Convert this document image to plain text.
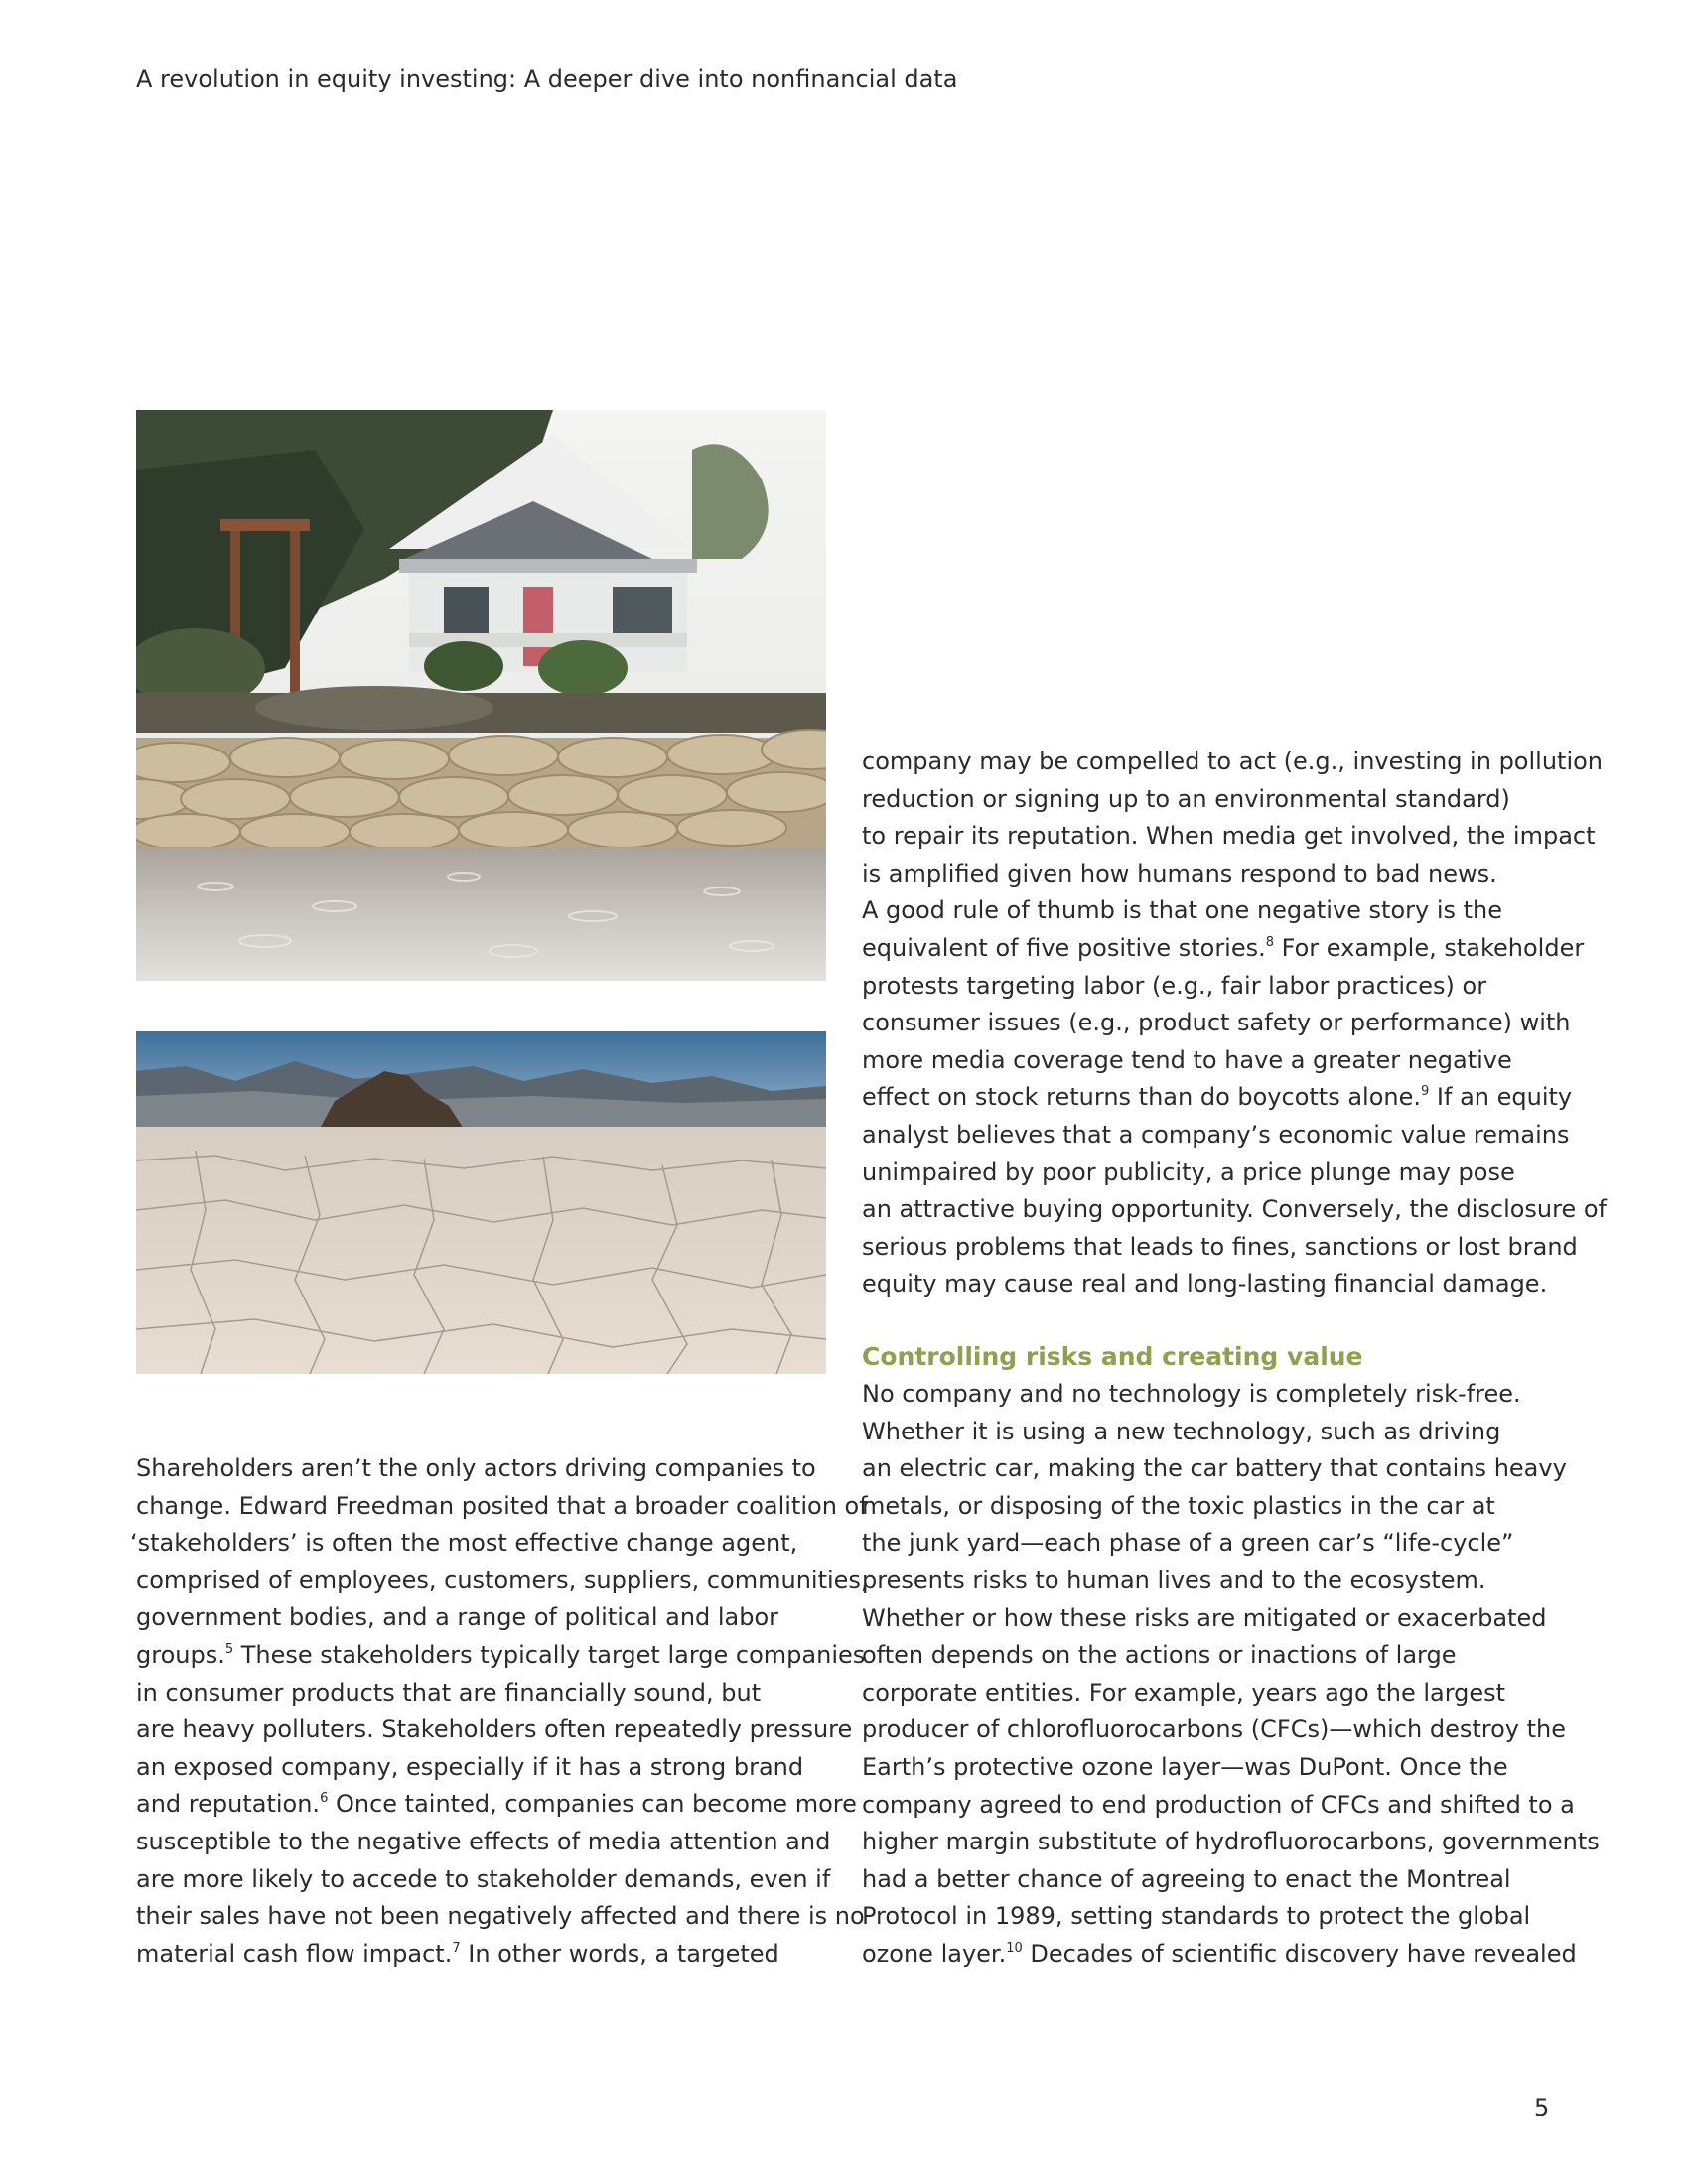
A revolution in equity investing: A deeper dive into nonfinancial data
Shareholders aren’t the only actors driving companies to
change. Edward Freedman posited that a broader coalition of
‘stakeholders’ is often the most effective change agent,
comprised of employees, customers, suppliers, communities,
government bodies, and a range of political and labor
groups.$^5$ These stakeholders typically target large companies
in consumer products that are financially sound, but
are heavy polluters. Stakeholders often repeatedly pressure
an exposed company, especially if it has a strong brand
and reputation.$^6$ Once tainted, companies can become more
susceptible to the negative effects of media attention and
are more likely to accede to stakeholder demands, even if
their sales have not been negatively affected and there is no
material cash flow impact.$^7$ In other words, a targeted
company may be compelled to act (e.g., investing in pollution
reduction or signing up to an environmental standard)
to repair its reputation. When media get involved, the impact
is amplified given how humans respond to bad news.
A good rule of thumb is that one negative story is the
equivalent of five positive stories.$^8$ For example, stakeholder
protests targeting labor (e.g., fair labor practices) or
consumer issues (e.g., product safety or performance) with
more media coverage tend to have a greater negative
effect on stock returns than do boycotts alone.$^9$ If an equity
analyst believes that a company’s economic value remains
unimpaired by poor publicity, a price plunge may pose
an attractive buying opportunity. Conversely, the disclosure of
serious problems that leads to fines, sanctions or lost brand
equity may cause real and long-lasting financial damage.
Controlling risks and creating value
No company and no technology is completely risk-free.
Whether it is using a new technology, such as driving
an electric car, making the car battery that contains heavy
metals, or disposing of the toxic plastics in the car at
the junk yard—each phase of a green car’s “life-cycle”
presents risks to human lives and to the ecosystem.
Whether or how these risks are mitigated or exacerbated
often depends on the actions or inactions of large
corporate entities. For example, years ago the largest
producer of chlorofluorocarbons (CFCs)—which destroy the
Earth’s protective ozone layer—was DuPont. Once the
company agreed to end production of CFCs and shifted to a
higher margin substitute of hydrofluorocarbons, governments
had a better chance of agreeing to enact the Montreal
Protocol in 1989, setting standards to protect the global
ozone layer.$^{10}$ Decades of scientific discovery have revealed
5
